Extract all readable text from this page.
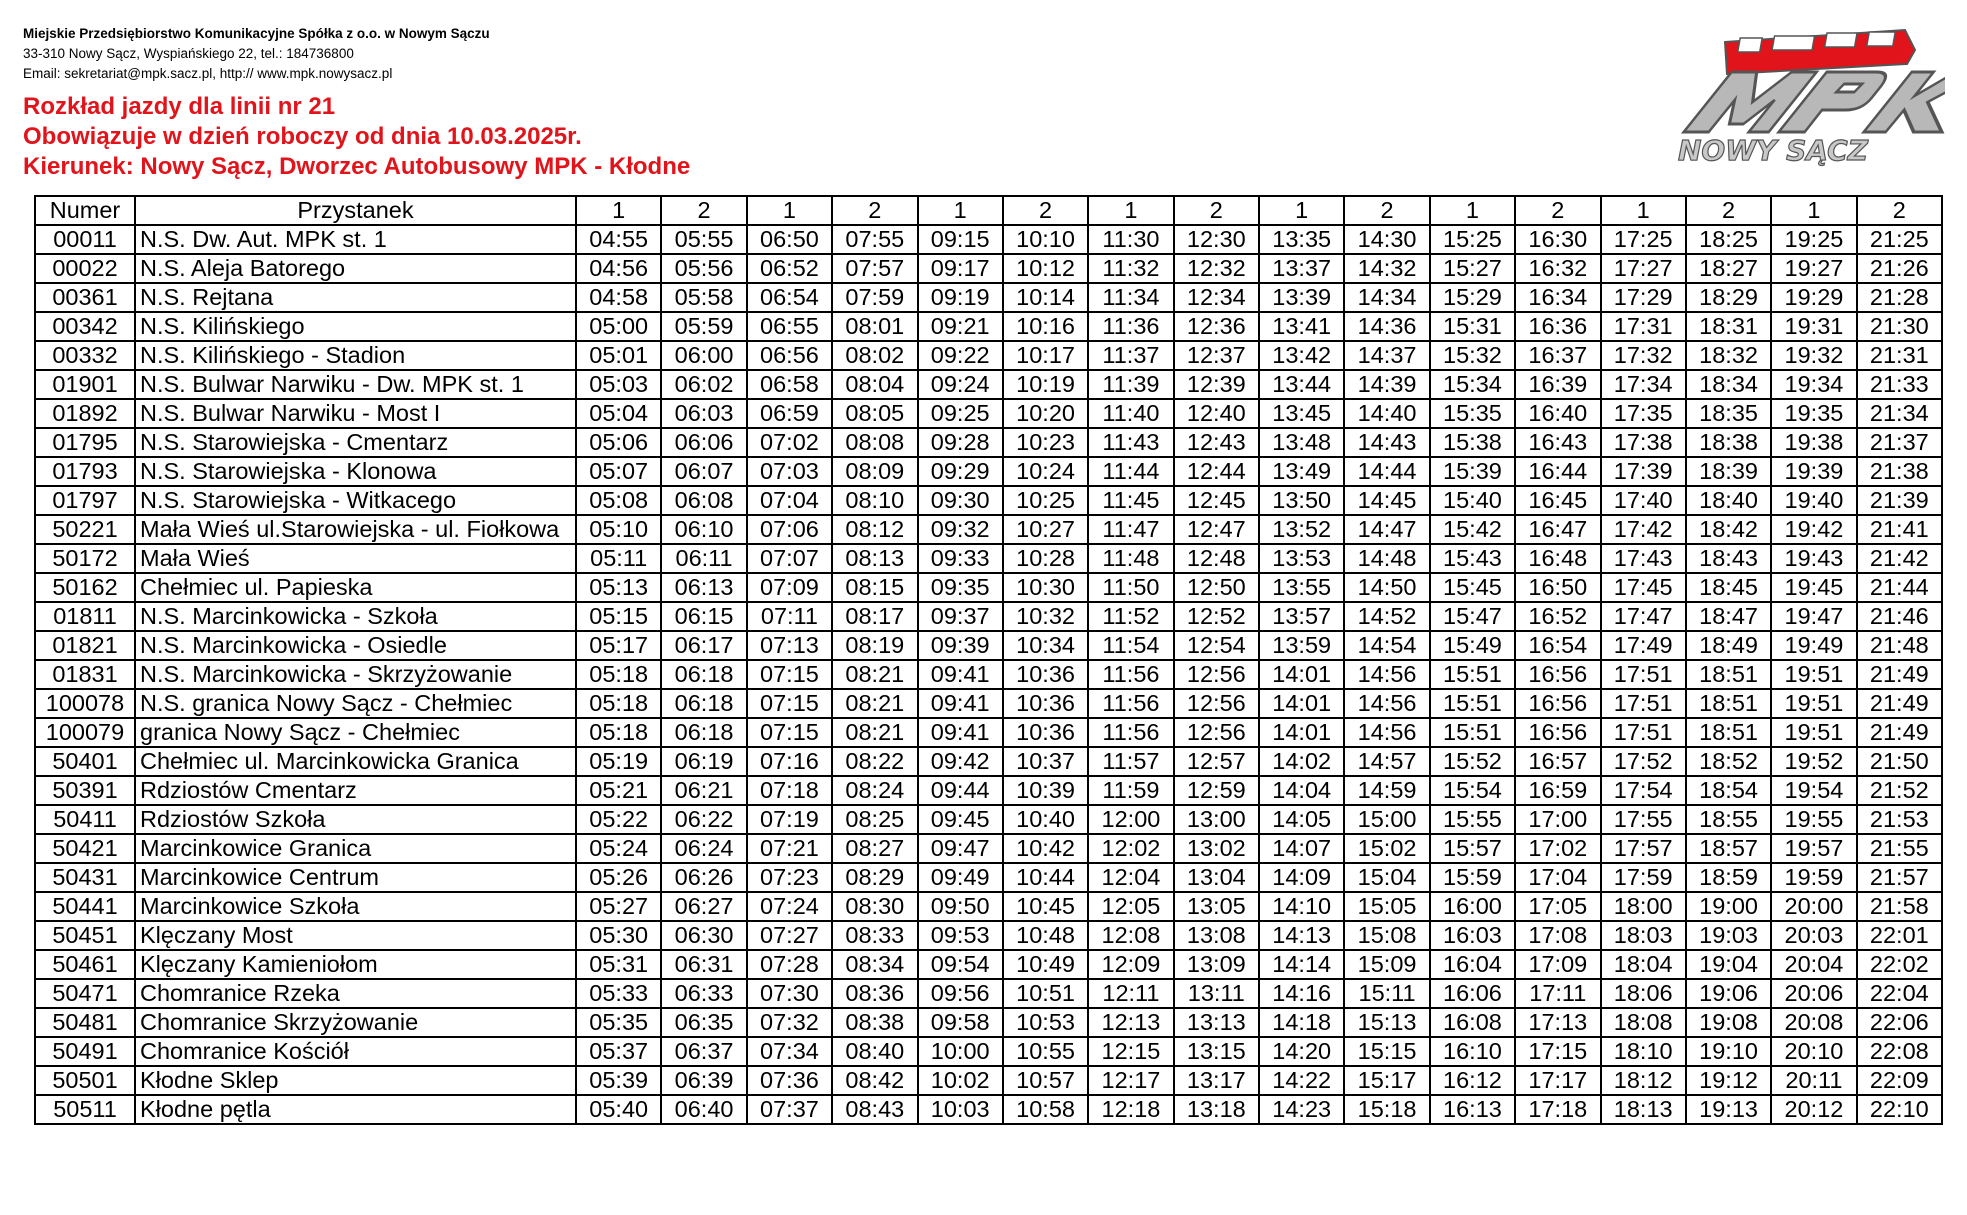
Miejskie Przedsiębiorstwo Komunikacyjne Spółka z o.o. w Nowym Sączu
33-310 Nowy Sącz, Wyspiańskiego 22, tel.: 184736800
Email: sekretariat@mpk.sacz.pl, http:// www.mpk.nowysacz.pl
Rozkład jazdy dla linii nr 21
Obowiązuje w dzień roboczy od dnia 10.03.2025r.
Kierunek: Nowy Sącz, Dworzec Autobusowy MPK - Kłodne	NOWY SĄCZ
Numer	Przystanek	1	2	1	2	1	2	1	2	1	2	1	2	1	2	1	2
00011	N.S. Dw. Aut. MPK st. 1	04:55	05:55	06:50	07:55	09:15	10:10	11:30	12:30	13:35	14:30	15:25	16:30	17:25	18:25	19:25	21:25
00022	N.S. Aleja Batorego	04:56	05:56	06:52	07:57	09:17	10:12	11:32	12:32	13:37	14:32	15:27	16:32	17:27	18:27	19:27	21:26
00361	N.S. Rejtana	04:58	05:58	06:54	07:59	09:19	10:14	11:34	12:34	13:39	14:34	15:29	16:34	17:29	18:29	19:29	21:28
00342	N.S. Kilińskiego	05:00	05:59	06:55	08:01	09:21	10:16	11:36	12:36	13:41	14:36	15:31	16:36	17:31	18:31	19:31	21:30
00332	N.S. Kilińskiego - Stadion	05:01	06:00	06:56	08:02	09:22	10:17	11:37	12:37	13:42	14:37	15:32	16:37	17:32	18:32	19:32	21:31
01901	N.S. Bulwar Narwiku - Dw. MPK st. 1	05:03	06:02	06:58	08:04	09:24	10:19	11:39	12:39	13:44	14:39	15:34	16:39	17:34	18:34	19:34	21:33
01892	N.S. Bulwar Narwiku - Most I	05:04	06:03	06:59	08:05	09:25	10:20	11:40	12:40	13:45	14:40	15:35	16:40	17:35	18:35	19:35	21:34
01795	N.S. Starowiejska - Cmentarz	05:06	06:06	07:02	08:08	09:28	10:23	11:43	12:43	13:48	14:43	15:38	16:43	17:38	18:38	19:38	21:37
01793	N.S. Starowiejska - Klonowa	05:07	06:07	07:03	08:09	09:29	10:24	11:44	12:44	13:49	14:44	15:39	16:44	17:39	18:39	19:39	21:38
01797	N.S. Starowiejska - Witkacego	05:08	06:08	07:04	08:10	09:30	10:25	11:45	12:45	13:50	14:45	15:40	16:45	17:40	18:40	19:40	21:39
50221	Mała Wieś ul.Starowiejska - ul. Fiołkowa	05:10	06:10	07:06	08:12	09:32	10:27	11:47	12:47	13:52	14:47	15:42	16:47	17:42	18:42	19:42	21:41
50172	Mała Wieś	05:11	06:11	07:07	08:13	09:33	10:28	11:48	12:48	13:53	14:48	15:43	16:48	17:43	18:43	19:43	21:42
50162	Chełmiec ul. Papieska	05:13	06:13	07:09	08:15	09:35	10:30	11:50	12:50	13:55	14:50	15:45	16:50	17:45	18:45	19:45	21:44
01811	N.S. Marcinkowicka - Szkoła	05:15	06:15	07:11	08:17	09:37	10:32	11:52	12:52	13:57	14:52	15:47	16:52	17:47	18:47	19:47	21:46
01821	N.S. Marcinkowicka - Osiedle	05:17	06:17	07:13	08:19	09:39	10:34	11:54	12:54	13:59	14:54	15:49	16:54	17:49	18:49	19:49	21:48
01831	N.S. Marcinkowicka - Skrzyżowanie	05:18	06:18	07:15	08:21	09:41	10:36	11:56	12:56	14:01	14:56	15:51	16:56	17:51	18:51	19:51	21:49
100078	N.S. granica Nowy Sącz - Chełmiec	05:18	06:18	07:15	08:21	09:41	10:36	11:56	12:56	14:01	14:56	15:51	16:56	17:51	18:51	19:51	21:49
100079	granica Nowy Sącz - Chełmiec	05:18	06:18	07:15	08:21	09:41	10:36	11:56	12:56	14:01	14:56	15:51	16:56	17:51	18:51	19:51	21:49
50401	Chełmiec ul. Marcinkowicka Granica	05:19	06:19	07:16	08:22	09:42	10:37	11:57	12:57	14:02	14:57	15:52	16:57	17:52	18:52	19:52	21:50
50391	Rdziostów Cmentarz	05:21	06:21	07:18	08:24	09:44	10:39	11:59	12:59	14:04	14:59	15:54	16:59	17:54	18:54	19:54	21:52
50411	Rdziostów Szkoła	05:22	06:22	07:19	08:25	09:45	10:40	12:00	13:00	14:05	15:00	15:55	17:00	17:55	18:55	19:55	21:53
50421	Marcinkowice Granica	05:24	06:24	07:21	08:27	09:47	10:42	12:02	13:02	14:07	15:02	15:57	17:02	17:57	18:57	19:57	21:55
50431	Marcinkowice Centrum	05:26	06:26	07:23	08:29	09:49	10:44	12:04	13:04	14:09	15:04	15:59	17:04	17:59	18:59	19:59	21:57
50441	Marcinkowice Szkoła	05:27	06:27	07:24	08:30	09:50	10:45	12:05	13:05	14:10	15:05	16:00	17:05	18:00	19:00	20:00	21:58
50451	Klęczany Most	05:30	06:30	07:27	08:33	09:53	10:48	12:08	13:08	14:13	15:08	16:03	17:08	18:03	19:03	20:03	22:01
50461	Klęczany Kamieniołom	05:31	06:31	07:28	08:34	09:54	10:49	12:09	13:09	14:14	15:09	16:04	17:09	18:04	19:04	20:04	22:02
50471	Chomranice Rzeka	05:33	06:33	07:30	08:36	09:56	10:51	12:11	13:11	14:16	15:11	16:06	17:11	18:06	19:06	20:06	22:04
50481	Chomranice Skrzyżowanie	05:35	06:35	07:32	08:38	09:58	10:53	12:13	13:13	14:18	15:13	16:08	17:13	18:08	19:08	20:08	22:06
50491	Chomranice Kościół	05:37	06:37	07:34	08:40	10:00	10:55	12:15	13:15	14:20	15:15	16:10	17:15	18:10	19:10	20:10	22:08
50501	Kłodne Sklep	05:39	06:39	07:36	08:42	10:02	10:57	12:17	13:17	14:22	15:17	16:12	17:17	18:12	19:12	20:11	22:09
50511	Kłodne pętla	05:40	06:40	07:37	08:43	10:03	10:58	12:18	13:18	14:23	15:18	16:13	17:18	18:13	19:13	20:12	22:10
